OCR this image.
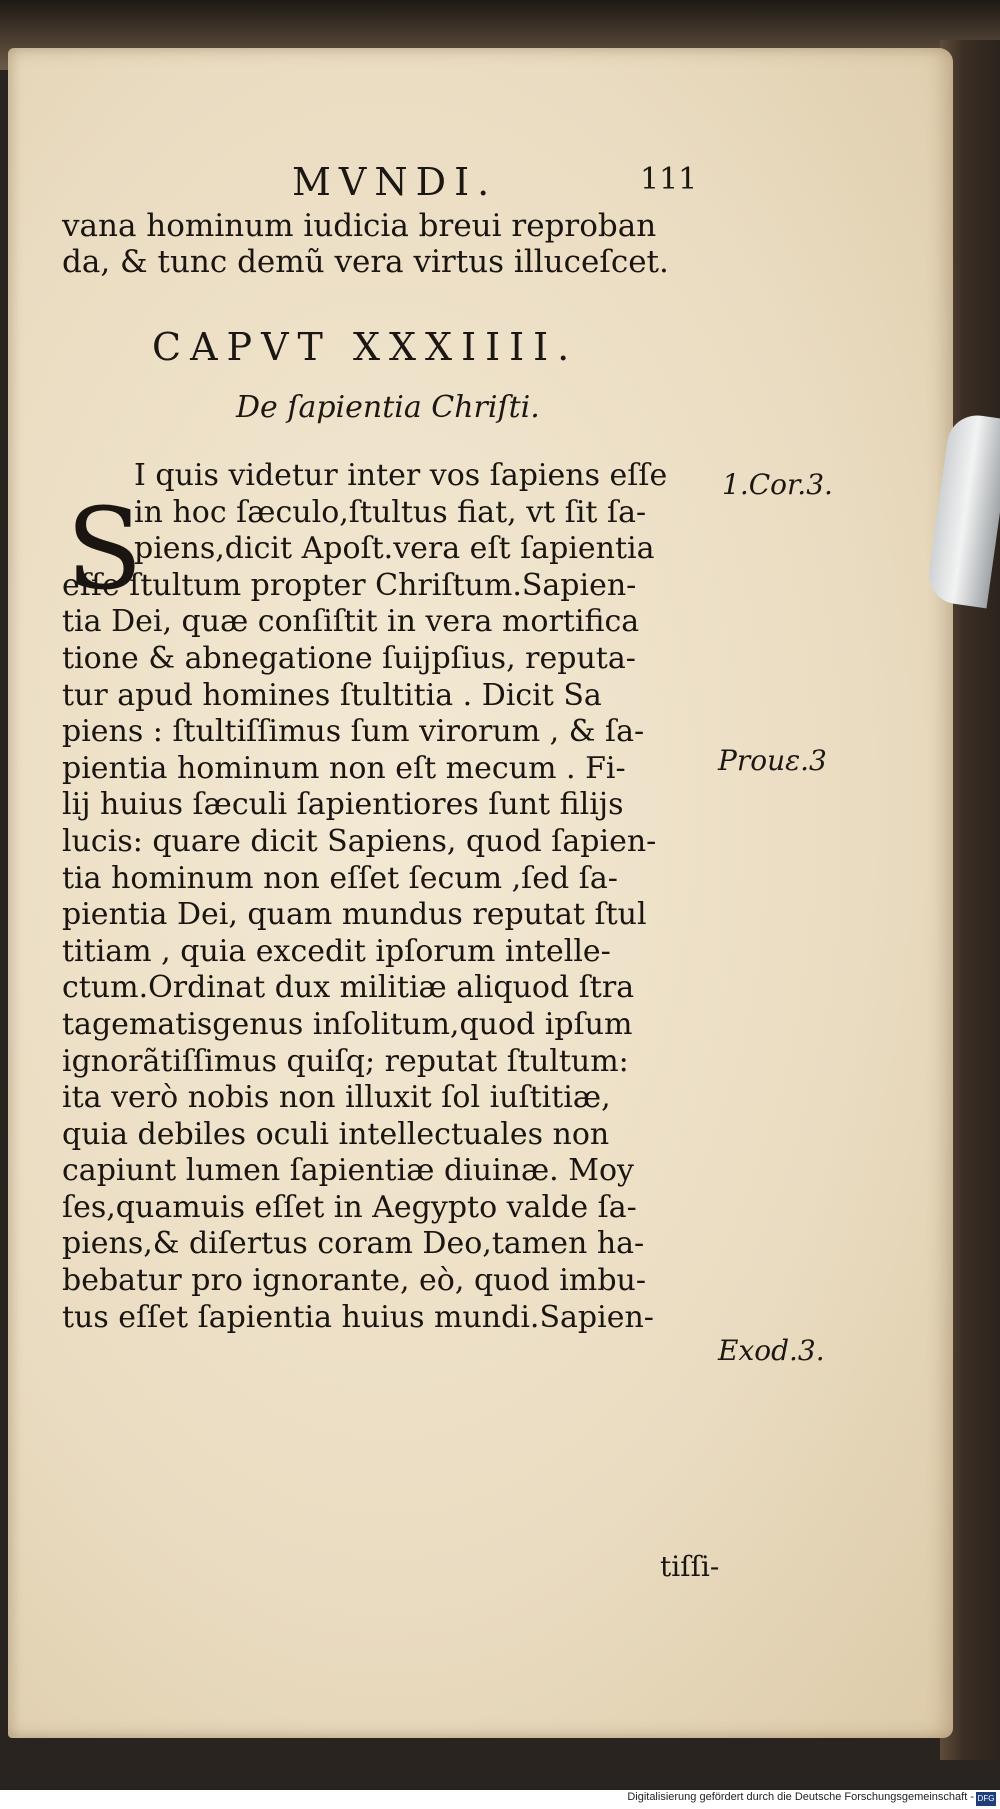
MVNDI.	111
vana hominum iudicia breui reproban
da, & tunc demũ vera virtus illuceſcet.
CAPVT XXXIIII.
De ſapientia Chriſti.
S
I quis videtur inter vos ſapiens eſſe
in hoc ſæculo,ſtultus fiat, vt ſit ſa-
piens,dicit Apoſt.vera eſt ſapientia
eſſe ſtultum propter Chriſtum.Sapien-
tia Dei, quæ conſiſtit in vera mortifica
tione & abnegatione ſuijpſius, reputa-
tur apud homines ſtultitia . Dicit Sa
piens : ſtultiſſimus ſum virorum , & ſa-
pientia hominum non eſt mecum . Fi-
lij huius ſæculi ſapientiores ſunt filijs
lucis: quare dicit Sapiens, quod ſapien-
tia hominum non eſſet ſecum ,ſed ſa-
pientia Dei, quam mundus reputat ſtul
titiam , quia excedit ipſorum intelle-
ctum.Ordinat dux militiæ aliquod ſtra
tagematisgenus inſolitum,quod ipſum
ignorãtiſſimus quiſq; reputat ſtultum:
ita verò nobis non illuxit ſol iuſtitiæ,
quia debiles oculi intellectuales non
capiunt lumen ſapientiæ diuinæ. Moy
ſes,quamuis eſſet in Aegypto valde ſa-
piens,& diſertus coram Deo,tamen ha-
bebatur pro ignorante, eò, quod imbu-
tus eſſet ſapientia huius mundi.Sapien-
1.Cor.3.
Prouε.3
Exod.3.
tiſſi-
Digitalisierung gefördert durch die Deutsche Forschungsgemeinschaft - DFG
